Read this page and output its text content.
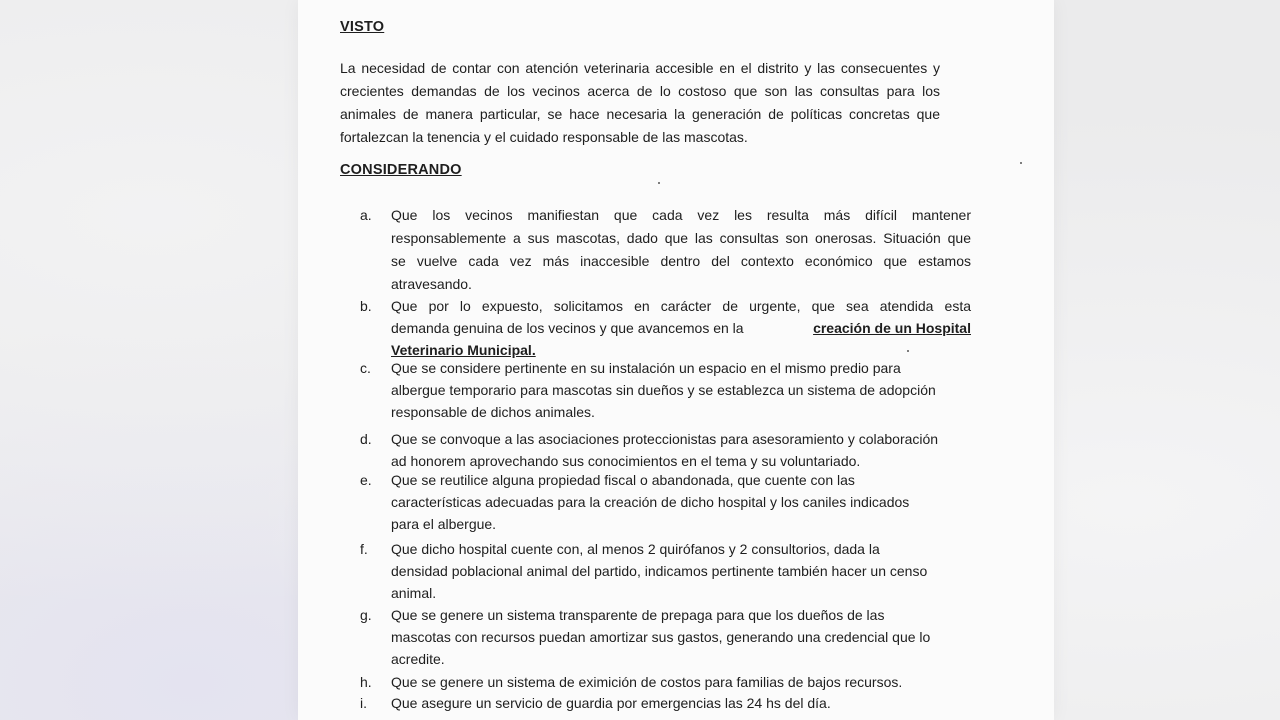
VISTO
La necesidad de contar con atención veterinaria accesible en el distrito y las consecuentes y
crecientes demandas de los vecinos acerca de lo costoso que son las consultas para los
animales de manera particular, se hace necesaria la generación de políticas concretas que
fortalezcan la tenencia y el cuidado responsable de las mascotas.
CONSIDERANDO
a.	Que los vecinos manifiestan que cada vez les resulta más difícil mantener
responsablemente a sus mascotas, dado que las consultas son onerosas. Situación que
se vuelve cada vez más inaccesible dentro del contexto económico que estamos
atravesando.
b.	Que por lo expuesto, solicitamos en carácter de urgente, que sea atendida esta
demanda genuina de los vecinos y que avancemos en la	creación de un Hospital
Veterinario Municipal.
c.	Que se considere pertinente en su instalación un espacio en el mismo predio para
albergue temporario para mascotas sin dueños y se establezca un sistema de adopción
responsable de dichos animales.
d.	Que se convoque a las asociaciones proteccionistas para asesoramiento y colaboración
ad honorem aprovechando sus conocimientos en el tema y su voluntariado.
e.	Que se reutilice alguna propiedad fiscal o abandonada, que cuente con las
características adecuadas para la creación de dicho hospital y los caniles indicados
para el albergue.
f.	Que dicho hospital cuente con, al menos 2 quirófanos y 2 consultorios, dada la
densidad poblacional animal del partido, indicamos pertinente también hacer un censo
animal.
g.	Que se genere un sistema transparente de prepaga para que los dueños de las
mascotas con recursos puedan amortizar sus gastos, generando una credencial que lo
acredite.
h.	Que se genere un sistema de eximición de costos para familias de bajos recursos.
i.	Que asegure un servicio de guardia por emergencias las 24 hs del día.
